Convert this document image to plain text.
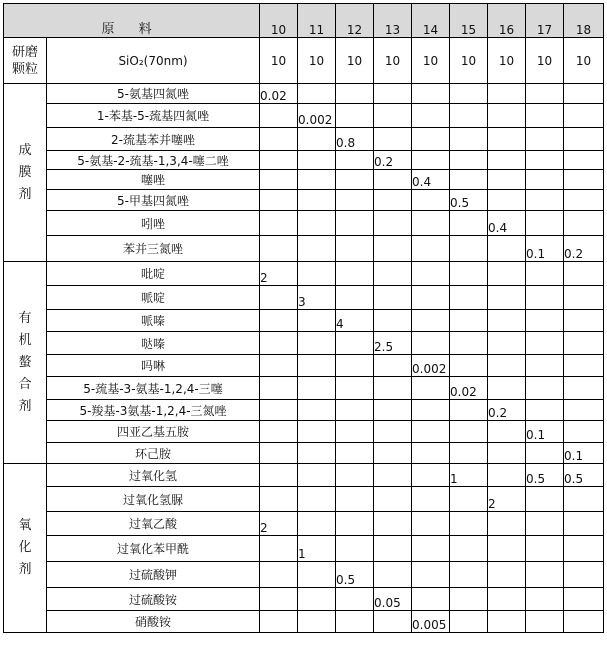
原 料		10	11	12	13	14	15	16	17	18

研磨
颗粒	SiO₂(70nm)	10	10	10	10	10	10	10	10	10

成
膜
剂	5-氨基四氮唑	0.02								
	1-苯基-5-巯基四氮唑		0.002							
	2-巯基苯并噻唑			0.8						
	5-氨基-2-巯基-1,3,4-噻二唑				0.2					
	噻唑					0.4				
	5-甲基四氮唑						0.5			
	吲唑							0.4		
	苯并三氮唑								0.1	0.2

有
机
螯
合
剂	吡啶	2								
	哌啶		3							
	哌嗪			4						
	哒嗪				2.5					
	吗啉					0.002				
	5-巯基-3-氨基-1,2,4-三噻						0.02			
	5-羧基-3氨基-1,2,4-三氮唑							0.2		
	四亚乙基五胺								0.1	
	环己胺									0.1

氧
化
剂	过氧化氢						1		0.5	0.5
	过氧化氢脲							2		
	过氧乙酸	2								
	过氧化苯甲酰		1							
	过硫酸钾			0.5						
	过硫酸铵				0.05					
	硝酸铵					0.005				
